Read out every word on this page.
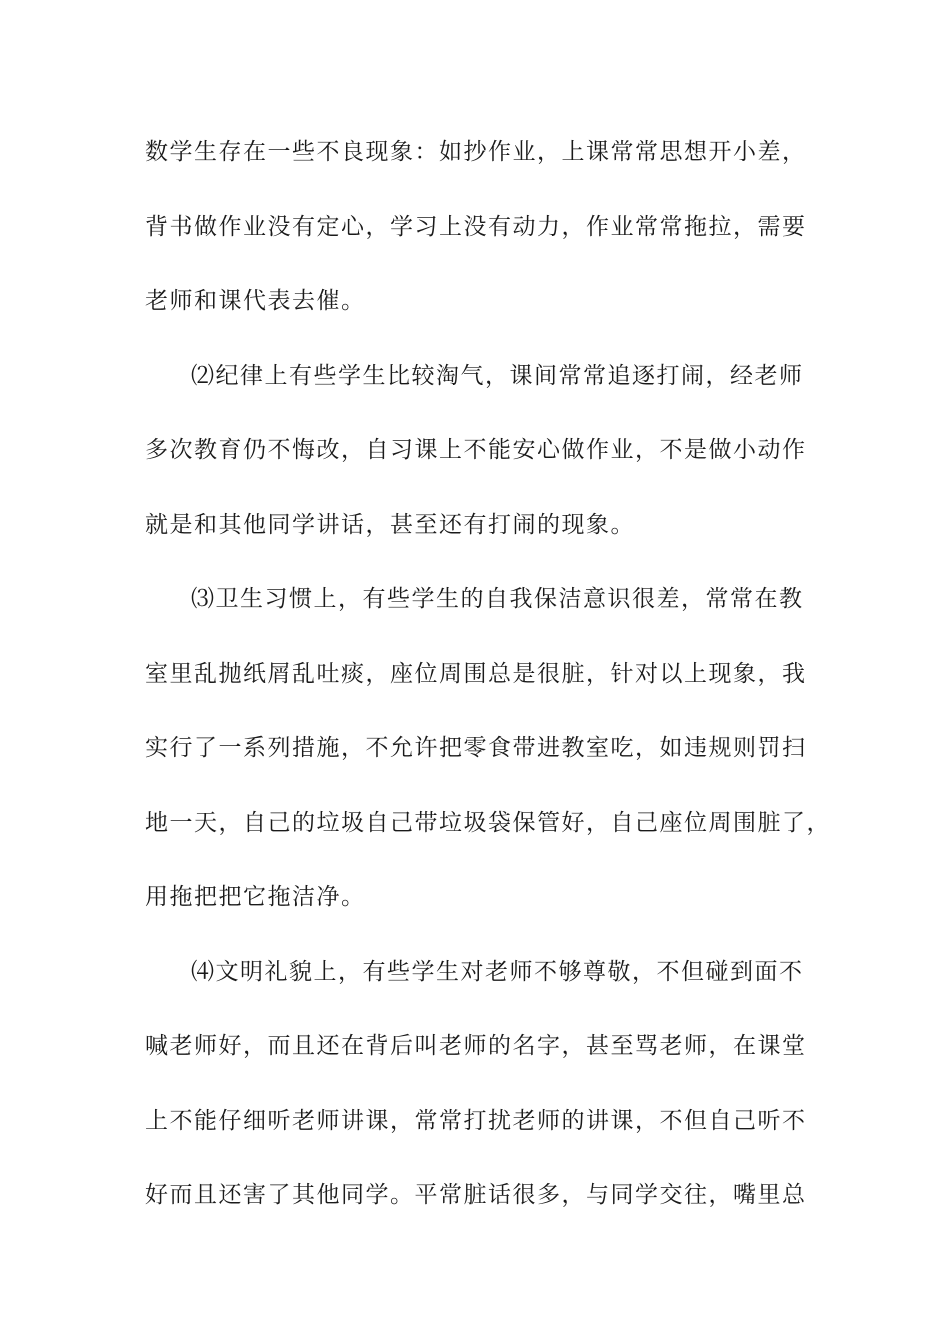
数学生存在一些不良现象：如抄作业，上课常常思想开小差，
背书做作业没有定心，学习上没有动力，作业常常拖拉，需要
老师和课代表去催。
⑵纪律上有些学生比较淘气，课间常常追逐打闹，经老师
多次教育仍不悔改，自习课上不能安心做作业，不是做小动作
就是和其他同学讲话，甚至还有打闹的现象。
⑶卫生习惯上，有些学生的自我保洁意识很差，常常在教
室里乱抛纸屑乱吐痰，座位周围总是很脏，针对以上现象，我
实行了一系列措施，不允许把零食带进教室吃，如违规则罚扫
地一天，自己的垃圾自己带垃圾袋保管好，自己座位周围脏了，
用拖把把它拖洁净。
⑷文明礼貌上，有些学生对老师不够尊敬，不但碰到面不
喊老师好，而且还在背后叫老师的名字，甚至骂老师，在课堂
上不能仔细听老师讲课，常常打扰老师的讲课，不但自己听不
好而且还害了其他同学。平常脏话很多，与同学交往，嘴里总
